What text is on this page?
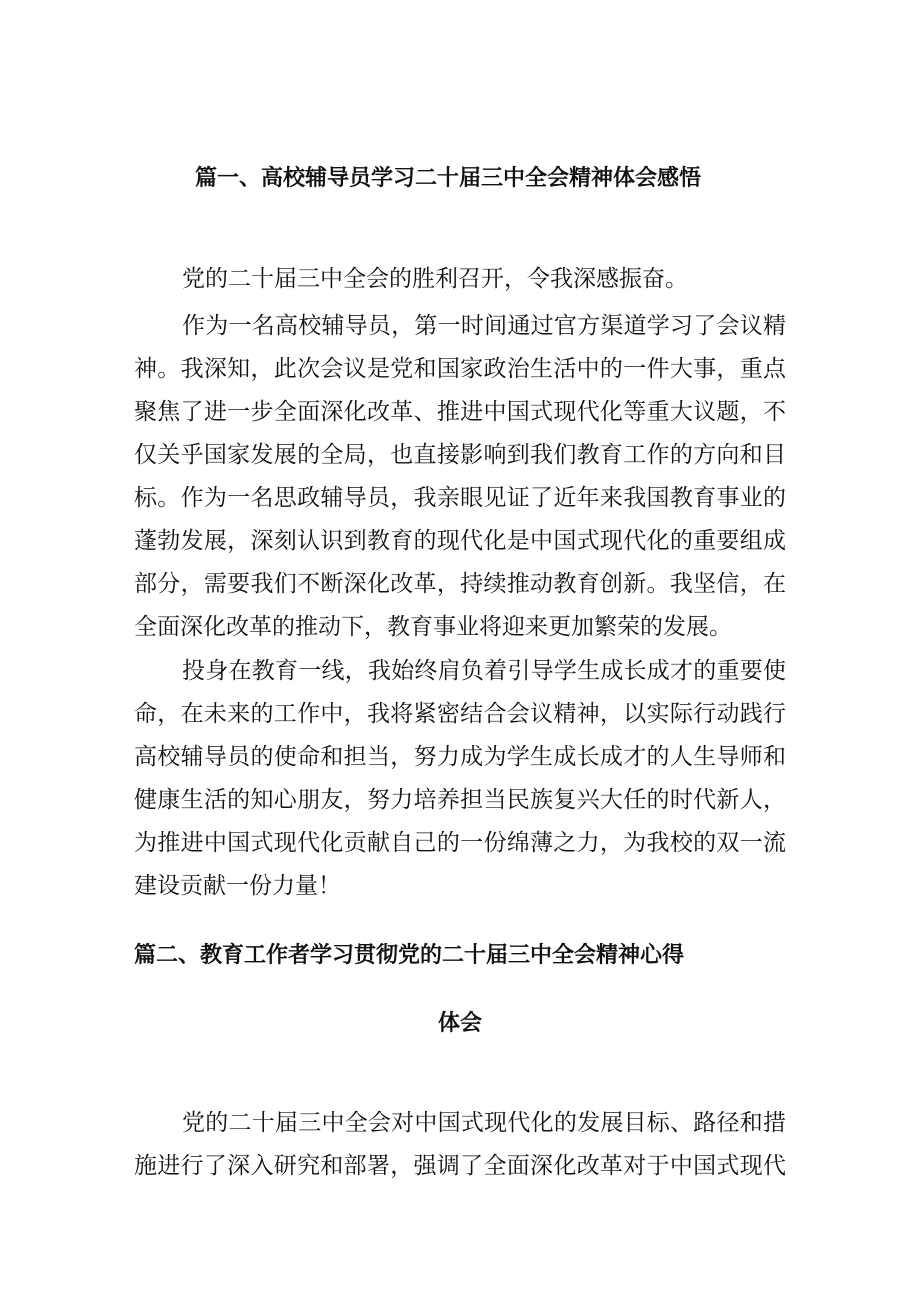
篇一、高校辅导员学习二十届三中全会精神体会感悟

党的二十届三中全会的胜利召开，令我深感振奋。

作为一名高校辅导员，第一时间通过官方渠道学习了会议精

神。我深知，此次会议是党和国家政治生活中的一件大事，重点

聚焦了进一步全面深化改革、推进中国式现代化等重大议题，不

仅关乎国家发展的全局，也直接影响到我们教育工作的方向和目

标。作为一名思政辅导员，我亲眼见证了近年来我国教育事业的

蓬勃发展，深刻认识到教育的现代化是中国式现代化的重要组成

部分，需要我们不断深化改革，持续推动教育创新。我坚信，在

全面深化改革的推动下，教育事业将迎来更加繁荣的发展。

投身在教育一线，我始终肩负着引导学生成长成才的重要使

命，在未来的工作中，我将紧密结合会议精神，以实际行动践行

高校辅导员的使命和担当，努力成为学生成长成才的人生导师和

健康生活的知心朋友，努力培养担当民族复兴大任的时代新人，

为推进中国式现代化贡献自己的一份绵薄之力，为我校的双一流

建设贡献一份力量！

篇二、教育工作者学习贯彻党的二十届三中全会精神心得
体会

党的二十届三中全会对中国式现代化的发展目标、路径和措

施进行了深入研究和部署，强调了全面深化改革对于中国式现代
